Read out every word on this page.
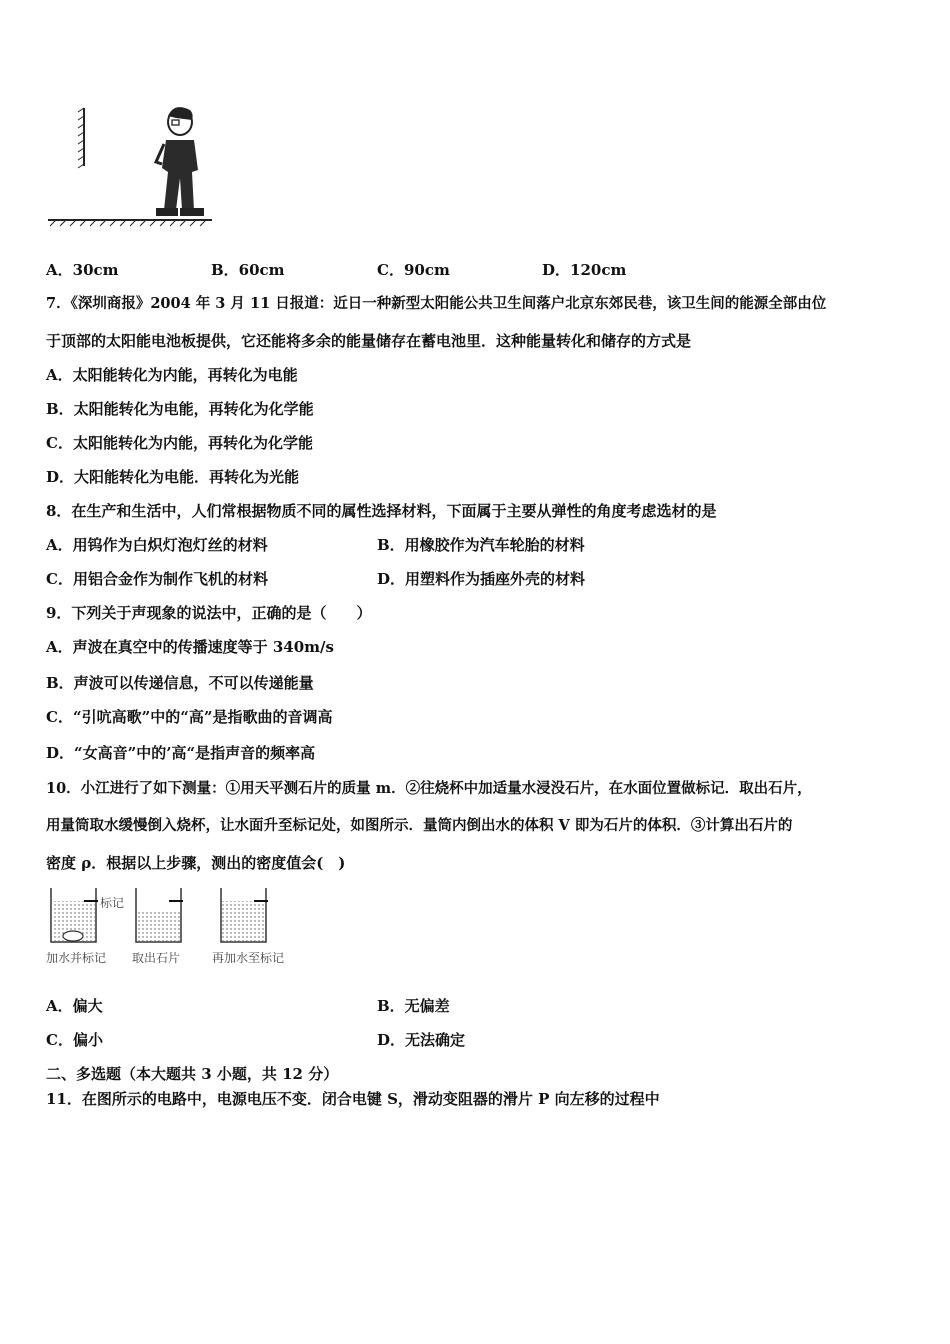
A．30cm	B．60cm	C．90cm	D．120cm
7．《深圳商报》2004 年 3 月 11 日报道：近日一种新型太阳能公共卫生间落户北京东郊民巷，该卫生间的能源全部由位
于顶部的太阳能电池板提供，它还能将多余的能量储存在蓄电池里．这种能量转化和储存的方式是
A．太阳能转化为内能，再转化为电能
B．太阳能转化为电能，再转化为化学能
C．太阳能转化为内能，再转化为化学能
D．大阳能转化为电能．再转化为光能
8．在生产和生活中，人们常根据物质不同的属性选择材料，下面属于主要从弹性的角度考虑选材的是
A．用钨作为白炽灯泡灯丝的材料	B．用橡胶作为汽车轮胎的材料
C．用铝合金作为制作飞机的材料	D．用塑料作为插座外壳的材料
9．下列关于声现象的说法中，正确的是（　　）
A．声波在真空中的传播速度等于 340m/s
B．声波可以传递信息，不可以传递能量
C．“引吭高歌”中的“高”是指歌曲的音调高
D．“女高音”中的’高“是指声音的频率高
10．小江进行了如下测量：①用天平测石片的质量 m．②往烧杯中加适量水浸没石片，在水面位置做标记．取出石片，
用量筒取水缓慢倒入烧杯，让水面升至标记处，如图所示．量筒内倒出水的体积 V 即为石片的体积．③计算出石片的
密度 ρ．根据以上步骤，测出的密度值会(　)
标记
加水并标记 取出石片	再加水至标记
A．偏大	B．无偏差
C．偏小	D．无法确定
二、多选题（本大题共 3 小题，共 12 分）
11．在图所示的电路中，电源电压不变．闭合电键 S，滑动变阻器的滑片 P 向左移的过程中
